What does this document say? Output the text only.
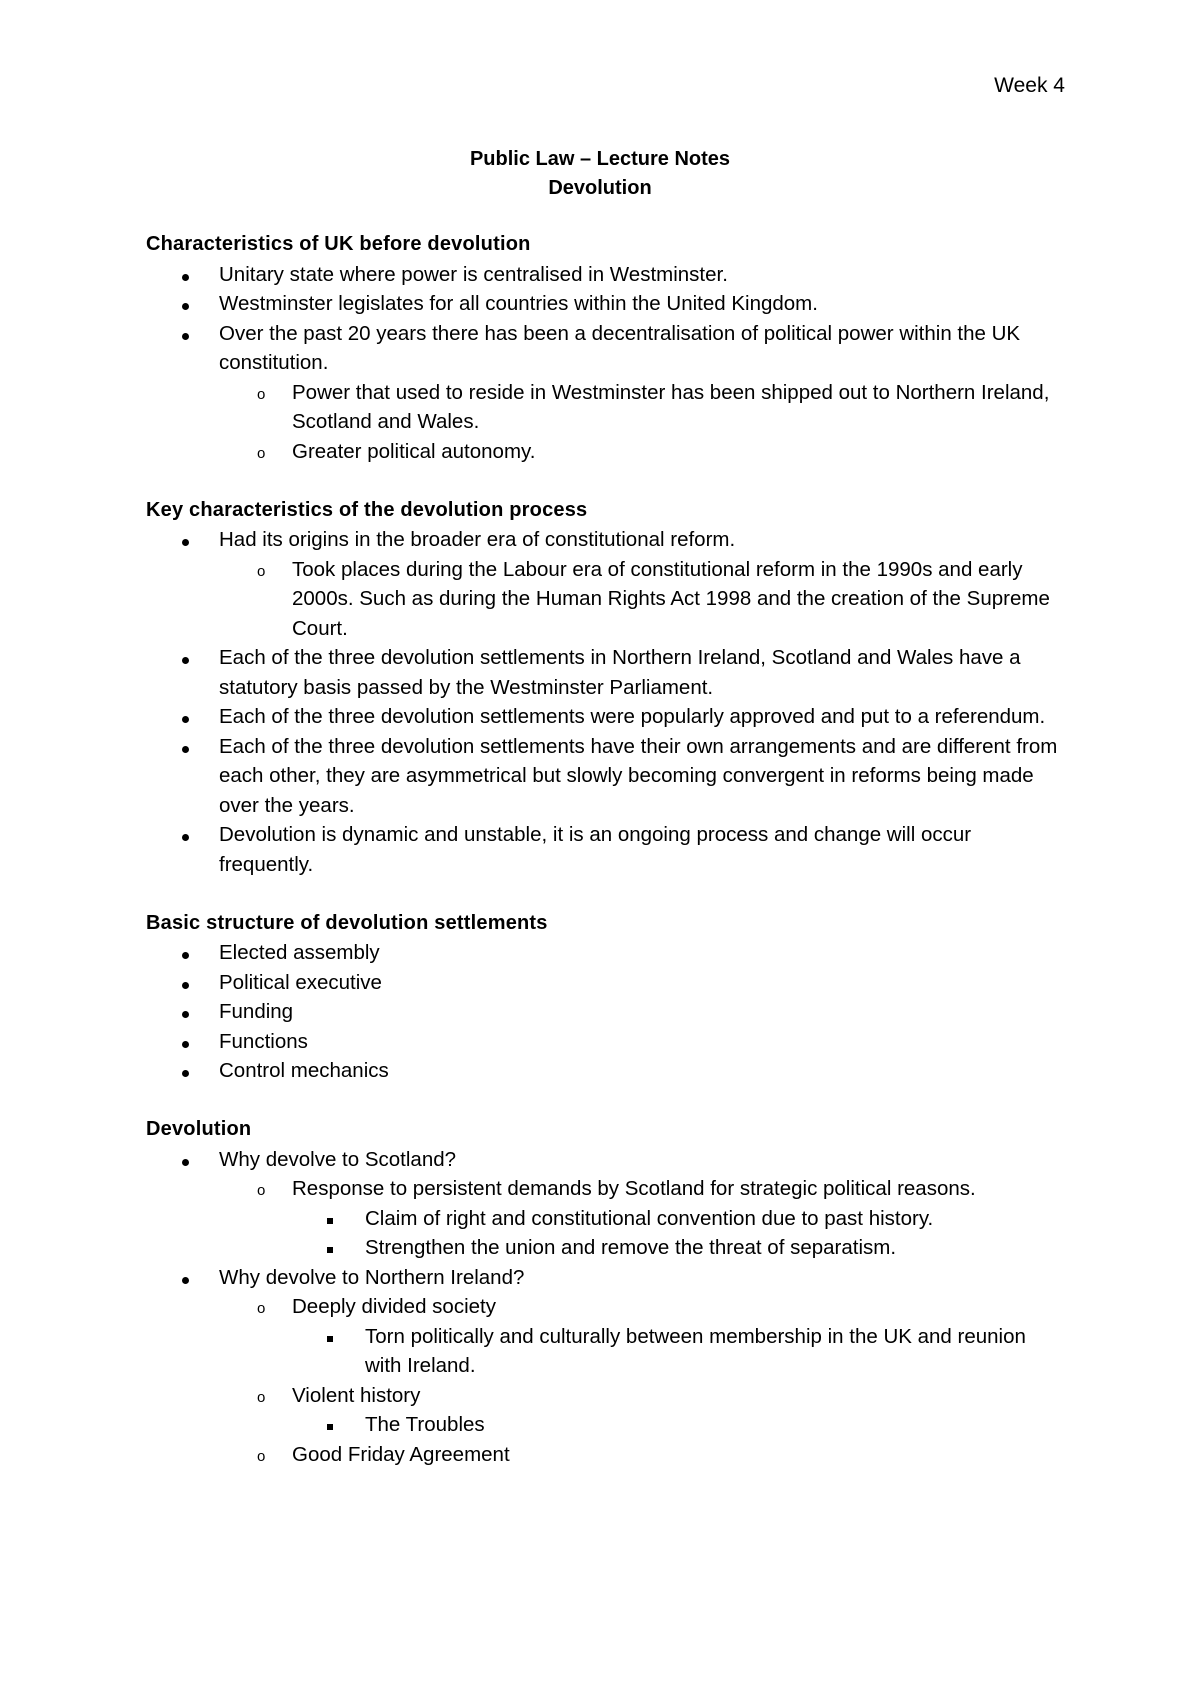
Week 4
Public Law – Lecture Notes
Devolution
Characteristics of UK before devolution
Unitary state where power is centralised in Westminster.
Westminster legislates for all countries within the United Kingdom.
Over the past 20 years there has been a decentralisation of political power within the UK constitution.
o Power that used to reside in Westminster has been shipped out to Northern Ireland, Scotland and Wales.
o Greater political autonomy.
Key characteristics of the devolution process
Had its origins in the broader era of constitutional reform.
o Took places during the Labour era of constitutional reform in the 1990s and early 2000s. Such as during the Human Rights Act 1998 and the creation of the Supreme Court.
Each of the three devolution settlements in Northern Ireland, Scotland and Wales have a statutory basis passed by the Westminster Parliament.
Each of the three devolution settlements were popularly approved and put to a referendum.
Each of the three devolution settlements have their own arrangements and are different from each other, they are asymmetrical but slowly becoming convergent in reforms being made over the years.
Devolution is dynamic and unstable, it is an ongoing process and change will occur frequently.
Basic structure of devolution settlements
Elected assembly
Political executive
Funding
Functions
Control mechanics
Devolution
Why devolve to Scotland?
o Response to persistent demands by Scotland for strategic political reasons.
Claim of right and constitutional convention due to past history.
Strengthen the union and remove the threat of separatism.
Why devolve to Northern Ireland?
o Deeply divided society
Torn politically and culturally between membership in the UK and reunion with Ireland.
o Violent history
The Troubles
o Good Friday Agreement
